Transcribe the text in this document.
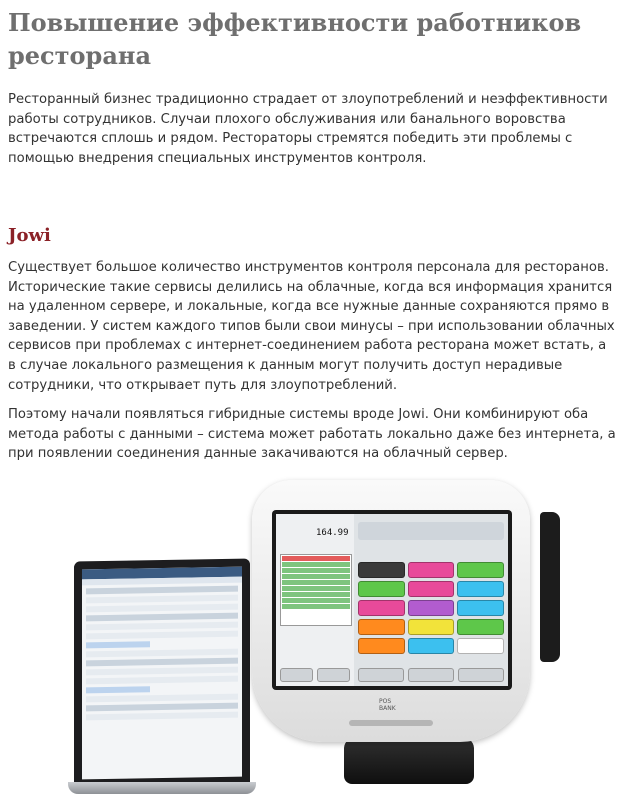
Повышение эффективности работников ресторана

Ресторанный бизнес традиционно страдает от злоупотреблений и неэффективности работы сотрудников. Случаи плохого обслуживания или банального воровства встречаются сплошь и рядом. Рестораторы стремятся победить эти проблемы с помощью внедрения специальных инструментов контроля.

Jowi

Существует большое количество инструментов контроля персонала для ресторанов. Исторические такие сервисы делились на облачные, когда вся информация хранится на удаленном сервере, и локальные, когда все нужные данные сохраняются прямо в заведении. У систем каждого типов были свои минусы – при использовании облачных сервисов при проблемах с интернет-соединением работа ресторана может встать, а в случае локального размещения к данным могут получить доступ нерадивые сотрудники, что открывает путь для злоупотреблений.

Поэтому начали появляться гибридные системы вроде Jowi. Они комбинируют оба метода работы с данными – система может работать локально даже без интернета, а при появлении соединения данные закачиваются на облачный сервер.

164.99
POS BANK
